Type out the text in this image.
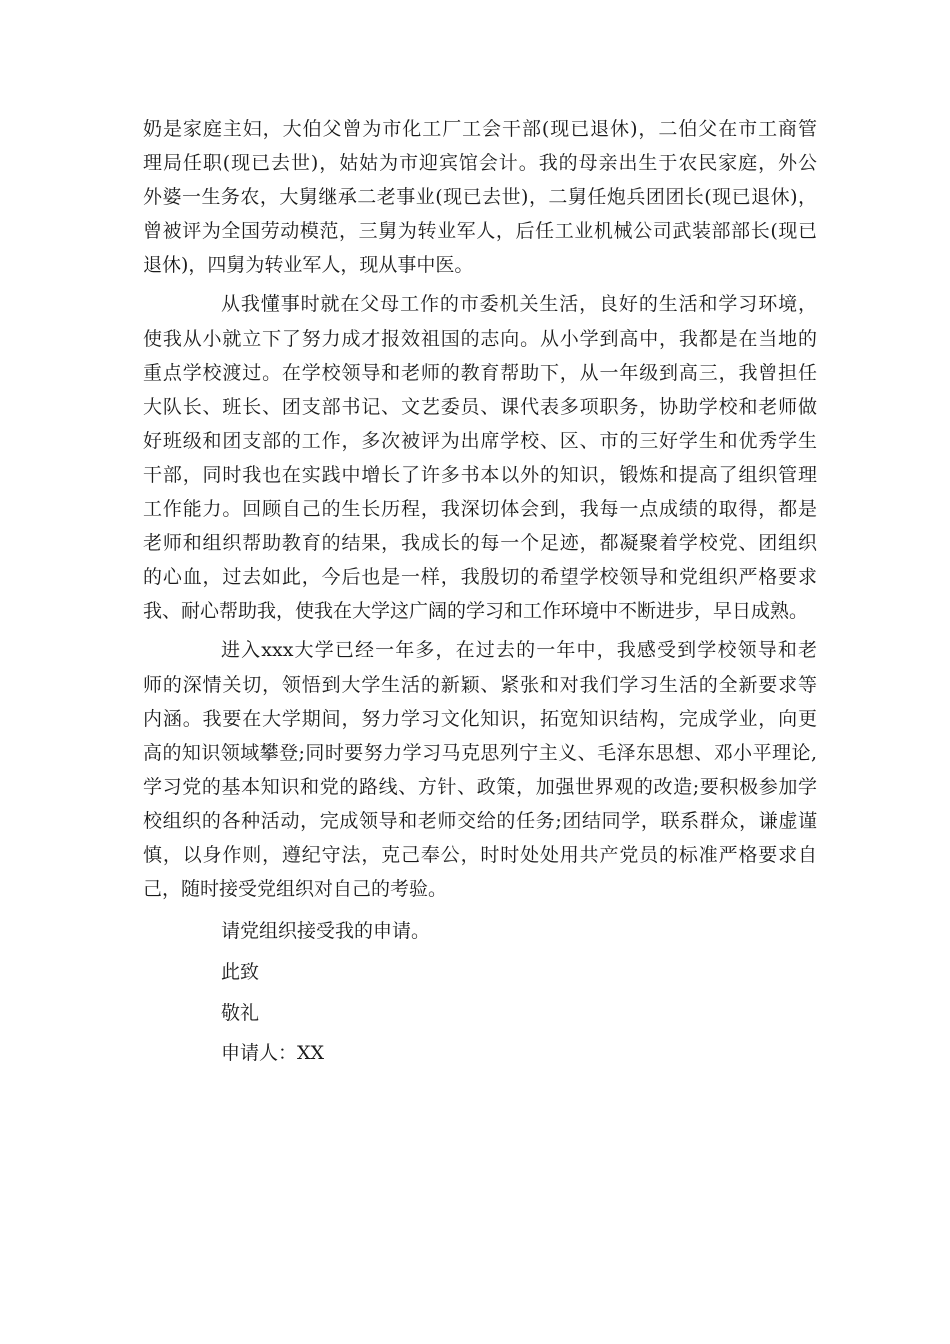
奶是家庭主妇，大伯父曾为市化工厂工会干部(现已退休)，二伯父在市工商管
理局任职(现已去世)，姑姑为市迎宾馆会计。我的母亲出生于农民家庭，外公
外婆一生务农，大舅继承二老事业(现已去世)，二舅任炮兵团团长(现已退休)，
曾被评为全国劳动模范，三舅为转业军人，后任工业机械公司武装部部长(现已
退休)，四舅为转业军人，现从事中医。
从我懂事时就在父母工作的市委机关生活，良好的生活和学习环境，
使我从小就立下了努力成才报效祖国的志向。从小学到高中，我都是在当地的
重点学校渡过。在学校领导和老师的教育帮助下，从一年级到高三，我曾担任
大队长、班长、团支部书记、文艺委员、课代表多项职务，协助学校和老师做
好班级和团支部的工作，多次被评为出席学校、区、市的三好学生和优秀学生
干部，同时我也在实践中增长了许多书本以外的知识，锻炼和提高了组织管理
工作能力。回顾自己的生长历程，我深切体会到，我每一点成绩的取得，都是
老师和组织帮助教育的结果，我成长的每一个足迹，都凝聚着学校党、团组织
的心血，过去如此，今后也是一样，我殷切的希望学校领导和党组织严格要求
我、耐心帮助我，使我在大学这广阔的学习和工作环境中不断进步，早日成熟。
进入xxx大学已经一年多，在过去的一年中，我感受到学校领导和老
师的深情关切，领悟到大学生活的新颖、紧张和对我们学习生活的全新要求等
内涵。我要在大学期间，努力学习文化知识，拓宽知识结构，完成学业，向更
高的知识领域攀登;同时要努力学习马克思列宁主义、毛泽东思想、邓小平理论,
学习党的基本知识和党的路线、方针、政策，加强世界观的改造;要积极参加学
校组织的各种活动，完成领导和老师交给的任务;团结同学，联系群众，谦虚谨
慎，以身作则，遵纪守法，克己奉公，时时处处用共产党员的标准严格要求自
己，随时接受党组织对自己的考验。
请党组织接受我的申请。
此致
敬礼
申请人：XX
